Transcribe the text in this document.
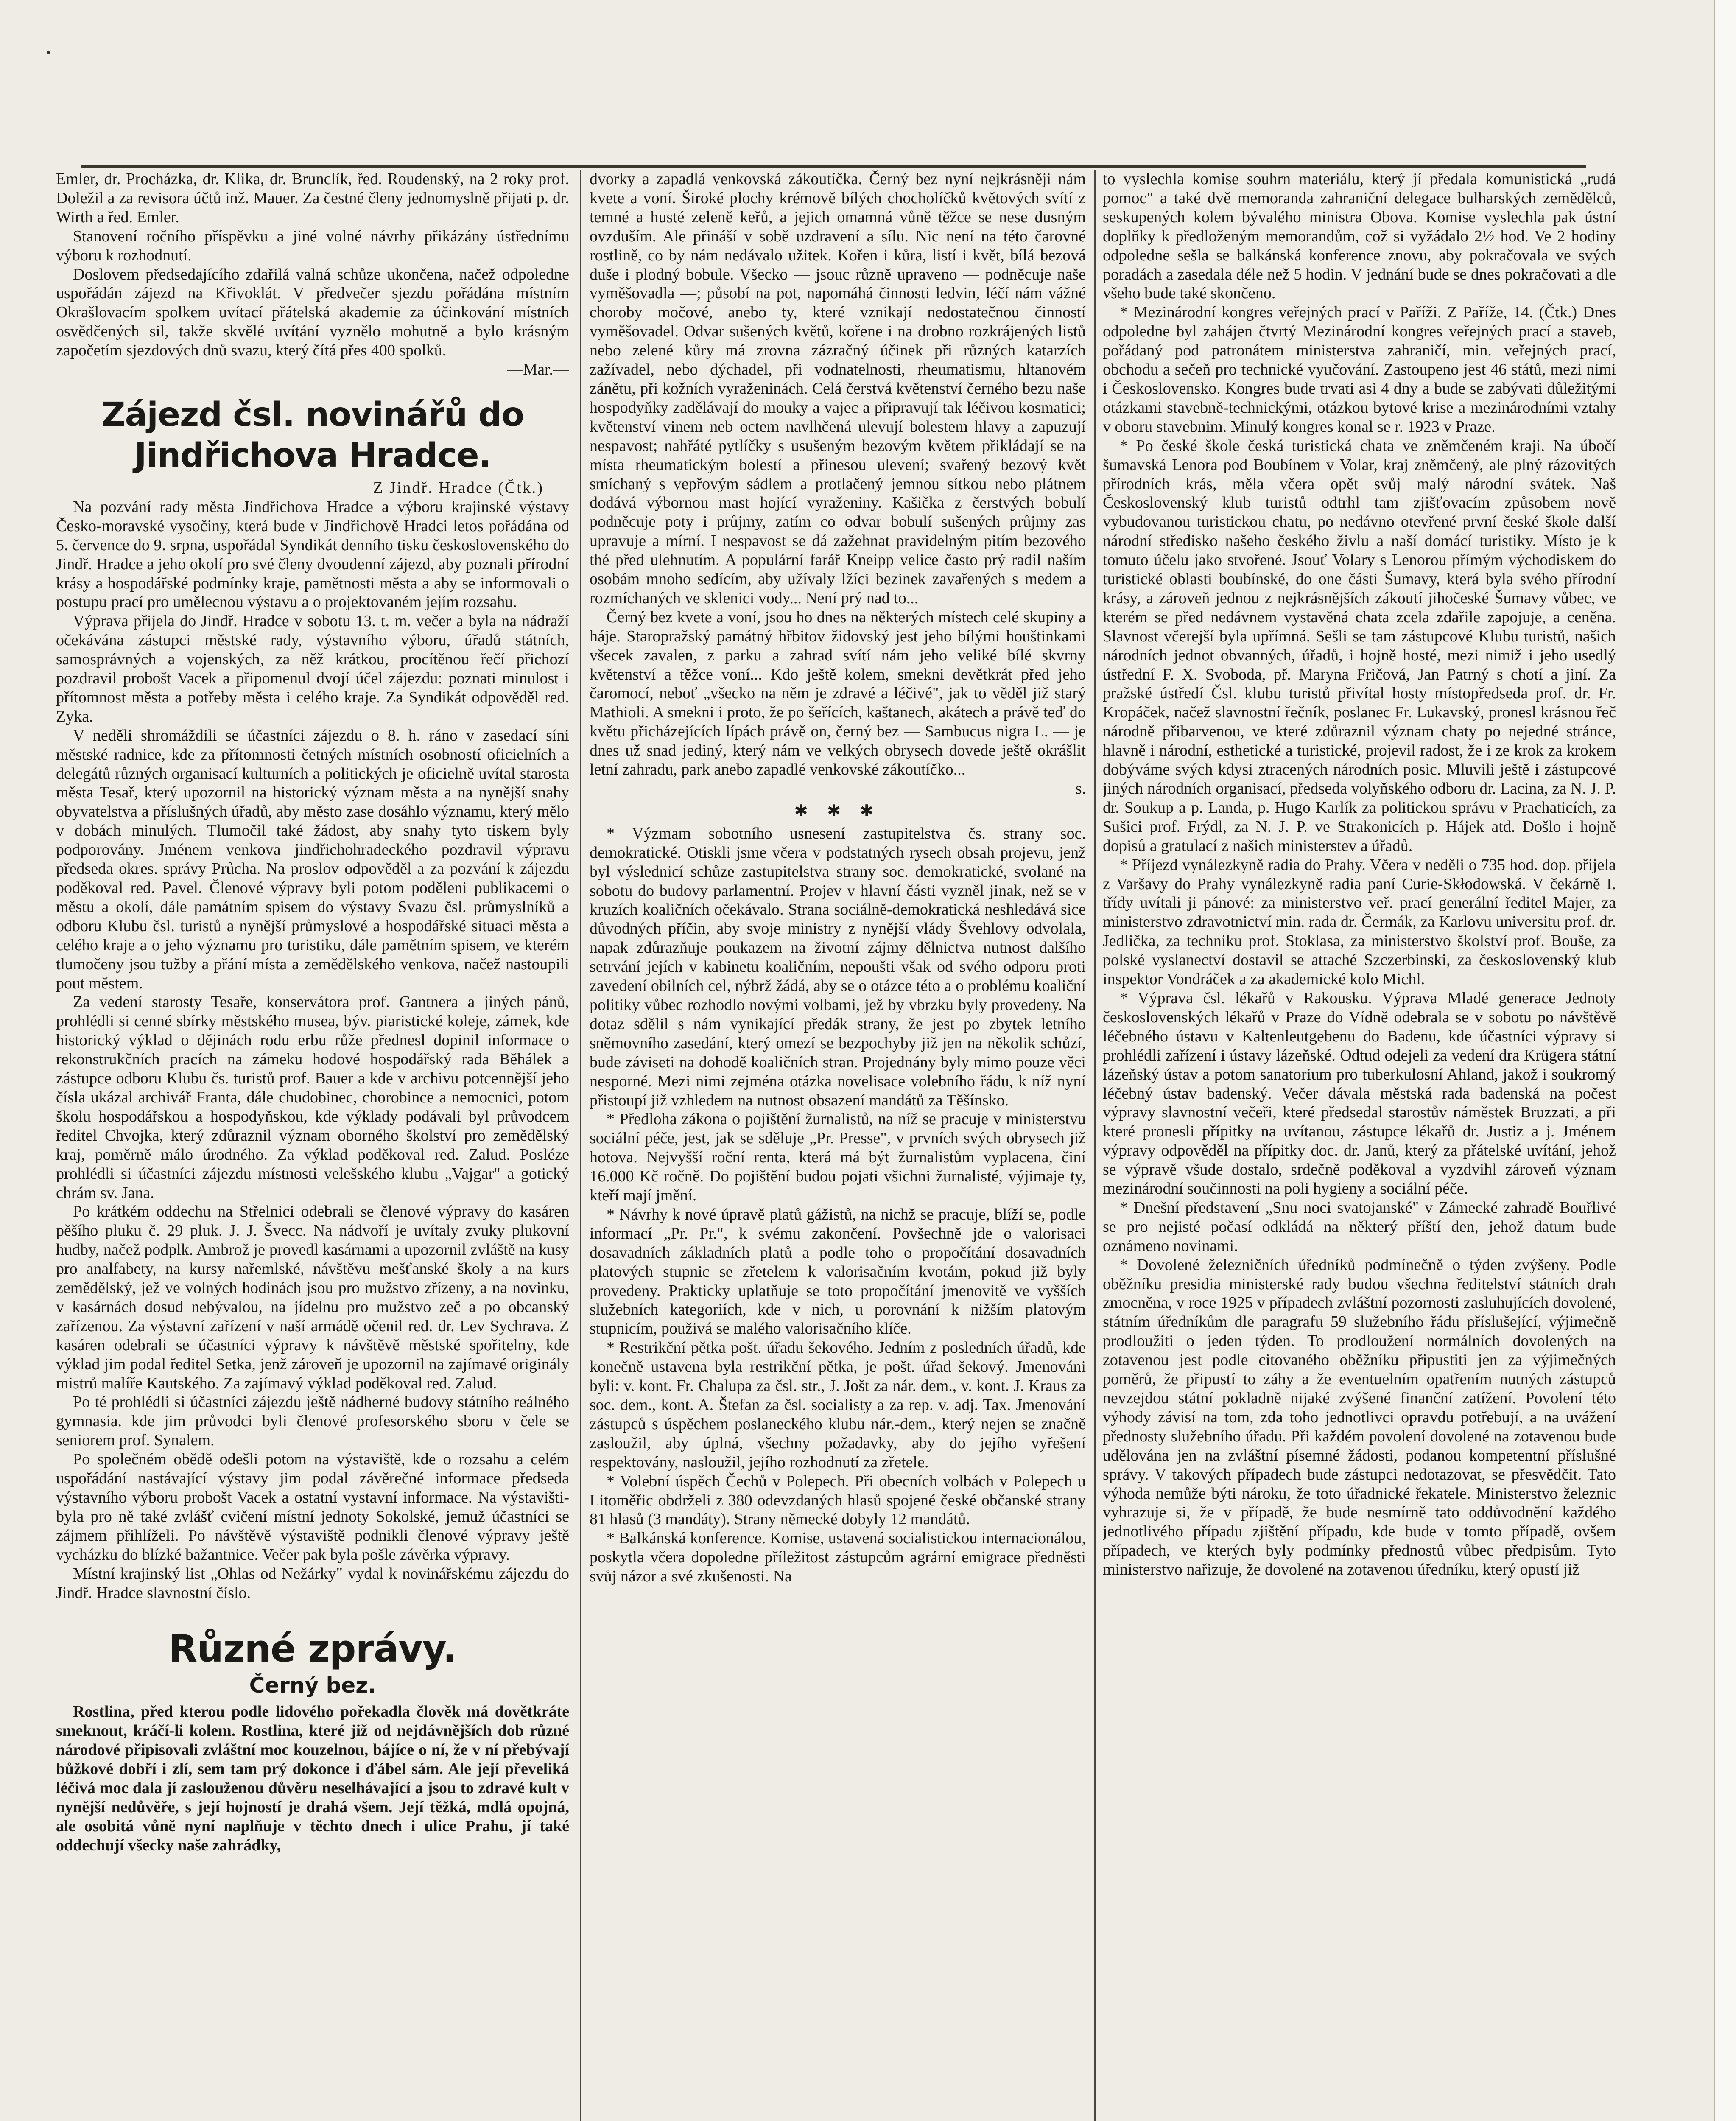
Emler, dr. Procházka, dr. Klika, dr. Brunclík, řed. Roudenský, na 2 roky prof. Doležil a za revisora účtů inž. Mauer. Za čestné členy jednomyslně přijati p. dr. Wirth a řed. Emler.

Stanovení ročního příspěvku a jiné volné návrhy přikázány ústřednímu výboru k rozhodnutí.

Doslovem předsedajícího zdařilá valná schůze ukončena, načež odpoledne uspořádán zájezd na Křivoklát. V předvečer sjezdu pořádána místním Okrašlovacím spolkem uvítací přátelská akademie za účinkování místních osvědčených sil, takže skvělé uvítání vyznělo mohutně a bylo krásným započetím sjezdových dnů svazu, který čítá přes 400 spolků.

—Mar.—
Zájezd čsl. novinářů do Jindřichova Hradce.
Z Jindř. Hradce (Čtk.)

Na pozvání rady města Jindřichova Hradce a výboru krajinské výstavy Česko-moravské vysočiny, která bude v Jindřichově Hradci letos pořádána od 5. července do 9. srpna, uspořádal Syndikát denního tisku československého do Jindř. Hradce a jeho okolí pro své členy dvoudenní zájezd, aby poznali přírodní krásy a hospodářské podmínky kraje, pamětnosti města a aby se informovali o postupu prací pro umělecnou výstavu a o projektovaném jejím rozsahu.

Výprava přijela do Jindř. Hradce v sobotu 13. t. m. večer a byla na nádraží očekávána zástupci městské rady, výstavního výboru, úřadů státních, samosprávných a vojenských, za něž krátkou, procítěnou řečí přichozí pozdravil probošt Vacek a připomenul dvojí účel zájezdu: poznati minulost i přítomnost města a potřeby města i celého kraje. Za Syndikát odpověděl red. Zyka.

V neděli shromáždili se účastníci zájezdu o 8. h. ráno v zasedací síni městské radnice, kde za přítomnosti četných místních osobností oficielních a delegátů různých organisací kulturních a politických je oficielně uvítal starosta města Tesař, který upozornil na historický význam města a na nynější snahy obyvatelstva a příslušných úřadů, aby město zase dosáhlo významu, který mělo v dobách minulých. Tlumočil také žádost, aby snahy tyto tiskem byly podporovány. Jménem venkova jindřichohradeckého pozdravil výpravu předseda okres. správy Průcha. Na proslov odpověděl a za pozvání k zájezdu poděkoval red. Pavel. Členové výpravy byli potom poděleni publikacemi o městu a okolí, dále památním spisem do výstavy Svazu čsl. průmyslníků a odboru Klubu čsl. turistů a nynější průmyslové a hospodářské situaci města a celého kraje a o jeho významu pro turistiku, dále pamětním spisem, ve kterém tlumočeny jsou tužby a přání místa a zemědělského venkova, načež nastoupili pout městem.

Za vedení starosty Tesaře, konservátora prof. Gantnera a jiných pánů, prohlédli si cenné sbírky městského musea, býv. piaristické koleje, zámek, kde historický výklad o dějinách rodu erbu růže přednesl dopinil informace o rekonstrukčních pracích na zámeku hodové hospodářský rada Běhálek a zástupce odboru Klubu čs. turistů prof. Bauer a kde v archivu potcennější jeho čísla ukázal archivář Franta, dále chudobinec, chorobince a nemocnici, potom školu hospodářskou a hospodyňskou, kde výklady podávali byl průvodcem ředitel Chvojka, který zdůraznil význam oborného školství pro zemědělský kraj, poměrně málo úrodného. Za výklad poděkoval red. Zalud. Posléze prohlédli si účastníci zájezdu místnosti velešského klubu „Vajgar" a gotický chrám sv. Jana.

Po krátkém oddechu na Střelnici odebrali se členové výpravy do kasáren pěšího pluku č. 29 pluk. J. J. Švecc. Na nádvoří je uvítaly zvuky plukovní hudby, načež podplk. Ambrož je provedl kasárnami a upozornil zvláště na kusy pro analfabety, na kursy nařemlské, návštěvu mešťanské školy a na kurs zemědělský, jež ve volných hodinách jsou pro mužstvo zřízeny, a na novinku, v kasárnách dosud nebývalou, na jídelnu pro mužstvo zeč a po obcanský zařízenou. Za výstavní zařízení v naší armádě očenil red. dr. Lev Sychrava. Z kasáren odebrali se účastníci výpravy k návštěvě městské spořitelny, kde výklad jim podal ředitel Setka, jenž zároveň je upozornil na zajímavé originály mistrů malíře Kautského. Za zajímavý výklad poděkoval red. Zalud.

Po té prohlédli si účastníci zájezdu ještě nádherné budovy státního reálného gymnasia. kde jim průvodci byli členové profesorského sboru v čele se seniorem prof. Synalem.

Po společném obědě odešli potom na výstaviště, kde o rozsahu a celém uspořádání nastávající výstavy jim podal závěrečné informace předseda výstavního výboru probošt Vacek a ostatní vystavní informace. Na výstavišti-byla pro ně také zvlášť cvičení místní jednoty Sokolské, jemuž účastníci se zájmem přihlíželi. Po návštěvě výstaviště podnikli členové výpravy ještě vycházku do blízké bažantnice. Večer pak byla pošle závěrka výpravy.

Místní krajinský list „Ohlas od Nežárky" vydal k novinářskému zájezdu do Jindř. Hradce slavnostní číslo.

Různé zprávy.
Černý bez.

Rostlina, před kterou podle lidového pořekadla člověk má dovětkráte smeknout, kráčí-li kolem. Rostlina, které již od nejdávnějších dob různé národové připisovali zvláštní moc kouzelnou, bájíce o ní, že v ní přebývají bůžkové dobří i zlí, sem tam prý dokonce i ďábel sám. Ale její převeliká léčivá moc dala jí zaslouženou důvěru neselhávající a jsou to zdravé kult v nynější nedůvěře, s její hojností je drahá všem. Její těžká, mdlá opojná, ale osobitá vůně nyní naplňuje v těchto dnech i ulice Prahu, jí také oddechují všecky naše zahrádky,

dvorky a zapadlá venkovská zákoutíčka. Černý bez nyní nejkrásněji nám kvete a voní. Široké plochy krémově bílých chocholíčků květových svítí z temné a husté zeleně keřů, a jejich omamná vůně těžce se nese dusným ovzduším. Ale přináší v sobě uzdravení a sílu. Nic není na této čarovné rostlině, co by nám nedávalo užitek. Kořen i kůra, listí i květ, bílá bezová duše i plodný bobule. Všecko — jsouc různě upraveno — podněcuje naše vyměšovadla —; působí na pot, napomáhá činnosti ledvin, léčí nám vážné choroby močové, anebo ty, které vznikají nedostatečnou činností vyměšovadel. Odvar sušených květů, kořene i na drobno rozkrájených listů nebo zelené kůry má zrovna zázračný účinek při různých katarzích zažívadel, nebo dýchadel, při vodnatelnosti, rheumatismu, hltanovém zánětu, při kožních vyraženinách. Celá čerstvá květenství černého bezu naše hospodyňky zadělávají do mouky a vajec a připravují tak léčivou kosmatici; květenství vinem neb octem navlhčená ulevují bolestem hlavy a zapuzují nespavost; nahřáté pytlíčky s usušeným bezovým květem přikládají se na místa rheumatickým bolestí a přinesou ulevení; svařený bezový květ smíchaný s vepřovým sádlem a protlačený jemnou sítkou nebo plátnem dodává výbornou mast hojící vyraženiny. Kašička z čerstvých bobulí podněcuje poty i průjmy, zatím co odvar bobulí sušených průjmy zas upravuje a mírní. I nespavost se dá zažehnat pravidelným pitím bezového thé před ulehnutím. A populární farář Kneipp velice často prý radil naším osobám mnoho sedícím, aby užívaly lžíci bezinek zavařených s medem a rozmíchaných ve sklenici vody... Není prý nad to...

Černý bez kvete a voní, jsou ho dnes na některých místech celé skupiny a háje. Staropražský památný hřbitov židovský jest jeho bílými houštinkami všecek zavalen, z parku a zahrad svítí nám jeho veliké bílé skvrny květenství a těžce voní... Kdo ještě kolem, smekni devětkrát před jeho čaromocí, neboť „všecko na něm je zdravé a léčivé", jak to věděl již starý Mathioli. A smekni i proto, že po šeřících, kaštanech, akátech a právě teď do květu přicházejících lípách právě on, černý bez — Sambucus nigra L. — je dnes už snad jediný, který nám ve velkých obrysech dovede ještě okrášlit letní zahradu, park anebo zapadlé venkovské zákoutíčko...

s.
✱ ✱ ✱

* Výzmam sobotního usnesení zastupitelstva čs. strany soc. demokratické. Otiskli jsme včera v podstatných rysech obsah projevu, jenž byl výslednicí schůze zastupitelstva strany soc. demokratické, svolané na sobotu do budovy parlamentní. Projev v hlavní části vyzněl jinak, než se v kruzích koaličních očekávalo. Strana sociálně-demokratická neshledává sice důvodných příčin, aby svoje ministry z nynější vlády Švehlovy odvolala, napak zdůrazňuje poukazem na životní zájmy dělnictva nutnost dalšího setrvání jejích v kabinetu koaličním, nepoušti však od svého odporu proti zavedení obilních cel, nýbrž žádá, aby se o otázce této a o problému koaliční politiky vůbec rozhodlo novými volbami, jež by vbrzku byly provedeny. Na dotaz sdělil s nám vynikající předák strany, že jest po zbytek letního sněmovního zasedání, který omezí se bezpochyby již jen na několik schůzí, bude záviseti na dohodě koaličních stran. Projednány byly mimo pouze věci nesporné. Mezi nimi zejména otázka novelisace volebního řádu, k níž nyní přistoupí již vzhledem na nutnost obsazení mandátů za Těšínsko.

* Předloha zákona o pojištění žurnalistů, na níž se pracuje v ministerstvu sociální péče, jest, jak se sděluje „Pr. Presse", v prvních svých obrysech již hotova. Nejvyšší roční renta, která má být žurnalistům vyplacena, činí 16.000 Kč ročně. Do pojištění budou pojati všichni žurnalisté, výjimaje ty, kteří mají jmění.

* Návrhy k nové úpravě platů gážistů, na nichž se pracuje, blíží se, podle informací „Pr. Pr.", k svému zakončení. Povšechně jde o valorisaci dosavadních základních platů a podle toho o propočítání dosavadních platových stupnic se zřetelem k valorisačním kvotám, pokud již byly provedeny. Prakticky uplatňuje se toto propočítání jmenovitě ve vyšších služebních kategoriích, kde v nich, u porovnání k nižším platovým stupnicím, použivá se malého valorisačního klíče.

* Restrikční pětka pošt. úřadu šekového. Jedním z posledních úřadů, kde konečně ustavena byla restrikční pětka, je pošt. úřad šekový. Jmenováni byli: v. kont. Fr. Chalupa za čsl. str., J. Jošt za nár. dem., v. kont. J. Kraus za soc. dem., kont. A. Štefan za čsl. socialisty a za rep. v. adj. Tax. Jmenování zástupců s úspěchem poslaneckého klubu nár.-dem., který nejen se značně zasloužil, aby úplná, všechny požadavky, aby do jejího vyřešení respektovány, nasloužil, jejího rozhodnutí za zřetele.

* Volební úspěch Čechů v Polepech. Při obecních volbách v Polepech u Litoměřic obdrželi z 380 odevzdaných hlasů spojené české občanské strany 81 hlasů (3 mandáty). Strany německé dobyly 12 mandátů.

* Balkánská konference. Komise, ustavená socialistickou internacionálou, poskytla včera dopoledne příležitost zástupcům agrární emigrace předněsti svůj názor a své zkušenosti. Na

to vyslechla komise souhrn materiálu, který jí předala komunistická „rudá pomoc" a také dvě memoranda zahraniční delegace bulharských zemědělců, seskupených kolem bývalého ministra Obova. Komise vyslechla pak ústní doplňky k předloženým memorandům, což si vyžádalo 2½ hod. Ve 2 hodiny odpoledne sešla se balkánská konference znovu, aby pokračovala ve svých poradách a zasedala déle než 5 hodin. V jednání bude se dnes pokračovati a dle všeho bude také skončeno.

* Mezinárodní kongres veřejných prací v Paříži. Z Paříže, 14. (Čtk.) Dnes odpoledne byl zahájen čtvrtý Mezinárodní kongres veřejných prací a staveb, pořádaný pod patronátem ministerstva zahraničí, min. veřejných prací, obchodu a sečeň pro technické vyučování. Zastoupeno jest 46 států, mezi nimi i Československo. Kongres bude trvati asi 4 dny a bude se zabývati důležitými otázkami stavebně-technickými, otázkou bytové krise a mezinárodními vztahy v oboru stavebnim. Minulý kongres konal se r. 1923 v Praze.

* Po české škole česká turistická chata ve zněmčeném kraji. Na úbočí šumavská Lenora pod Boubínem v Volar, kraj zněmčený, ale plný rázovitých přírodních krás, měla včera opět svůj malý národní svátek. Naš Československý klub turistů odtrhl tam zjišťovacím způsobem nově vybudovanou turistickou chatu, po nedávno otevřené první české škole další národní středisko našeho českého živlu a naší domácí turistiky. Místo je k tomuto účelu jako stvořené. Jsouť Volary s Lenorou přímým východiskem do turistické oblasti boubínské, do one části Šumavy, která byla svého přírodní krásy, a zároveň jednou z nejkrásnějších zákoutí jihočeské Šumavy vůbec, ve kterém se před nedávnem vystavěná chata zcela zdařile zapojuje, a ceněna. Slavnost včerejší byla upřímná. Sešli se tam zástupcové Klubu turistů, našich národních jednot obvanných, úřadů, i hojně hosté, mezi nimiž i jeho usedlý ústřední F. X. Svoboda, př. Maryna Fričová, Jan Patrný s chotí a jiní. Za pražské ústředí Čsl. klubu turistů přivítal hosty místopředseda prof. dr. Fr. Kropáček, načež slavnostní řečník, poslanec Fr. Lukavský, pronesl krásnou řeč národně přibarvenou, ve které zdůraznil význam chaty po nejedné stránce, hlavně i národní, esthetické a turistické, projevil radost, že i ze krok za krokem dobýváme svých kdysi ztracených národních posic. Mluvili ještě i zástupcové jiných národních organisací, předseda volyňského odboru dr. Lacina, za N. J. P. dr. Soukup a p. Landa, p. Hugo Karlík za politickou správu v Prachaticích, za Sušici prof. Frýdl, za N. J. P. ve Strakonicích p. Hájek atd. Došlo i hojně dopisů a gratulací z našich ministerstev a úřadů.

* Příjezd vynálezkyně radia do Prahy. Včera v neděli o 735 hod. dop. přijela z Varšavy do Prahy vynálezkyně radia paní Curie-Skłodowská. V čekárně I. třídy uvítali ji pánové: za ministerstvo veř. prací generální ředitel Majer, za ministerstvo zdravotnictví min. rada dr. Čermák, za Karlovu universitu prof. dr. Jedlička, za techniku prof. Stoklasa, za ministerstvo školství prof. Bouše, za polské vyslanectví dostavil se attaché Szczerbinski, za československý klub inspektor Vondráček a za akademické kolo Michl.

* Výprava čsl. lékařů v Rakousku. Výprava Mladé generace Jednoty československých lékařů v Praze do Vídně odebrala se v sobotu po návštěvě léčebného ústavu v Kaltenleutgebenu do Badenu, kde účastníci výpravy si prohlédli zařízení i ústavy lázeňské. Odtud odejeli za vedení dra Krügera státní lázeňský ústav a potom sanatorium pro tuberkulosní Ahland, jakož i soukromý léčebný ústav badenský. Večer dávala městská rada badenská na počest výpravy slavnostní večeři, které předsedal starostův náměstek Bruzzati, a při které pronesli přípitky na uvítanou, zástupce lékařů dr. Justiz a j. Jménem výpravy odpověděl na přípitky doc. dr. Janů, který za přátelské uvítání, jehož se výpravě všude dostalo, srdečně poděkoval a vyzdvihl zároveň význam mezinárodní součinnosti na poli hygieny a sociální péče.

* Dnešní představení „Snu noci svatojanské" v Zámecké zahradě Bouřlivé se pro nejisté počasí odkládá na některý příští den, jehož datum bude oznámeno novinami.

* Dovolené železničních úředníků podmínečně o týden zvýšeny. Podle oběžníku presidia ministerské rady budou všechna ředitelství státních drah zmocněna, v roce 1925 v případech zvláštní pozornosti zasluhujících dovolené, státním úředníkům dle paragrafu 59 služebního řádu příslušející, výjimečně prodloužiti o jeden týden. To prodloužení normálních dovolených na zotavenou jest podle citovaného oběžníku připustiti jen za výjimečných poměrů, že připustí to záhy a že eventuelním opatřením nutných zástupců nevzejdou státní pokladně nijaké zvýšené finanční zatížení. Povolení této výhody závisí na tom, zda toho jednotlivci opravdu potřebují, a na uvážení přednosty služebního úřadu. Při každém povolení dovolené na zotavenou bude udělována jen na zvláštní písemné žádosti, podanou kompetentní příslušné správy. V takových případech bude zástupci nedotazovat, se přesvědčit. Tato výhoda nemůže býti nároku, že toto úřadnické řekatele. Ministerstvo železnic vyhrazuje si, že v případě, že bude nesmírně tato oddůvodnění každého jednotlivého případu zjištění případu, kde bude v tomto případě, ovšem případech, ve kterých byly podmínky přednostů vůbec předpisům. Tyto ministerstvo nařizuje, že dovolené na zotavenou úředníku, který opustí již
